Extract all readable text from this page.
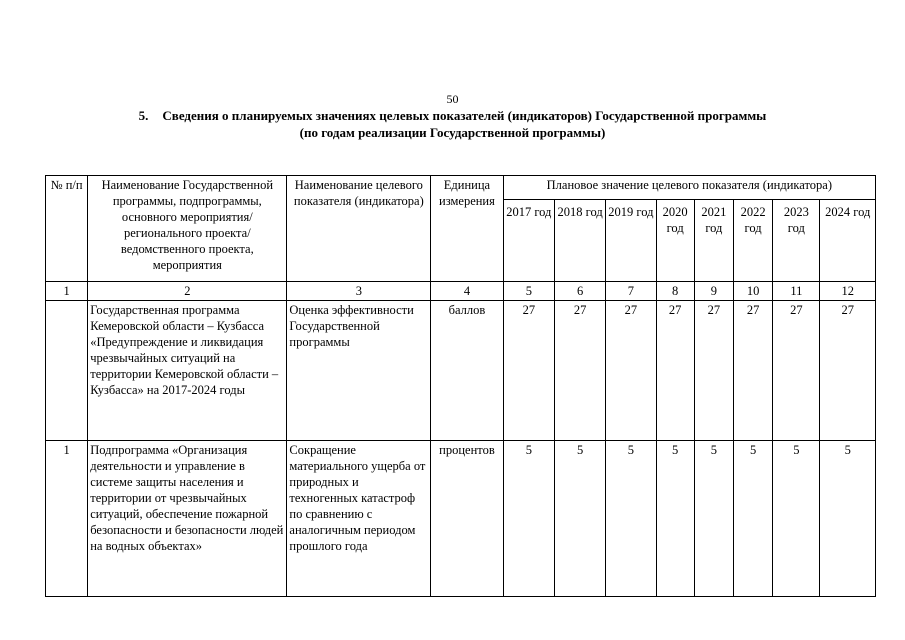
50
5. Сведения о планируемых значениях целевых показателей (индикаторов) Государственной программы
(по годам реализации Государственной программы)
№ п/п	Наименование Государственной программы, подпрограммы, основного мероприятия/регионального проекта/ведомственного проекта, мероприятия	Наименование целевого показателя (индикатора)	Единица измерения	Плановое значение целевого показателя (индикатора)							
				2017 год	2018 год	2019 год	2020 год	2021 год	2022 год	2023 год	2024 год
1	2	3	4	5	6	7	8	9	10	11	12
	Государственная программа Кемеровской области – Кузбасса «Предупреждение и ликвидация чрезвычайных ситуаций на территории Кемеровской области – Кузбасса» на 2017-2024 годы	Оценка эффективности Государственной программы	баллов	27	27	27	27	27	27	27	27
1	Подпрограмма «Организация деятельности и управление в системе защиты населения и территории от чрезвычайных ситуаций, обеспечение пожарной безопасности и безопасности людей на водных объектах»	Сокращение материального ущерба от природных и техногенных катастроф по сравнению с аналогичным периодом прошлого года	процентов	5	5	5	5	5	5	5	5
